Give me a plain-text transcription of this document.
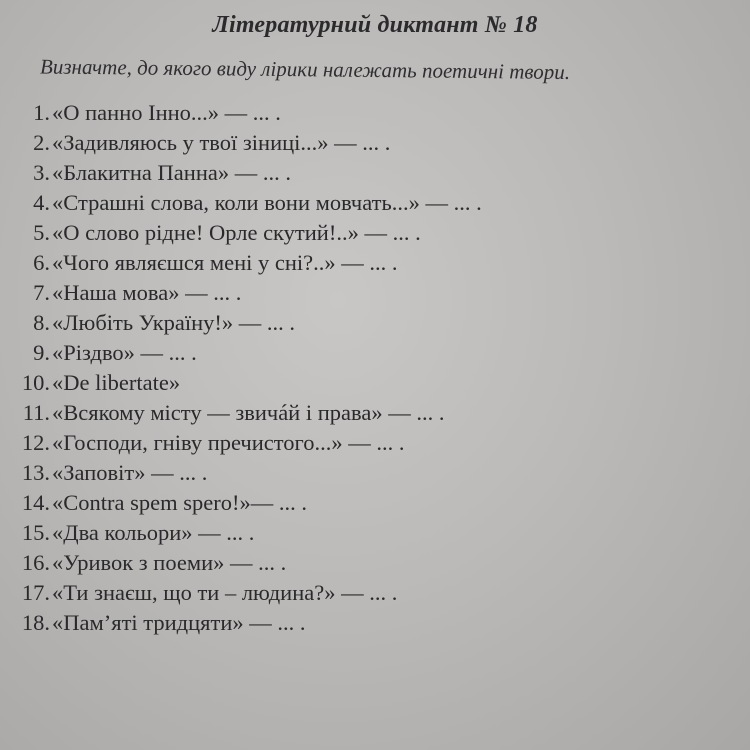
Літературний диктант № 18
Визначте, до якого виду лірики належать поетичні твори.
1. «О панно Інно...» — ... .
2. «Задивляюсь у твої зіниці...» — ... .
3. «Блакитна Панна» — ... .
4. «Страшні слова, коли вони мовчать...» — ... .
5. «О слово рідне! Орле скутий!..» — ... .
6. «Чого являєшся мені у сні?..» — ... .
7. «Наша мова» — ... .
8. «Любіть Україну!» — ... .
9. «Різдво» — ... .
10. «De libertate»
11. «Всякому місту — звичáй і права» — ... .
12. «Господи, гніву пречистого...» — ... .
13. «Заповіт» — ... .
14. «Contra spem spero!»— ... .
15. «Два кольори» — ... .
16. «Уривок з поеми» — ... .
17. «Ти знаєш, що ти – людина?» — ... .
18. «Пам’яті тридцяти» — ... .
